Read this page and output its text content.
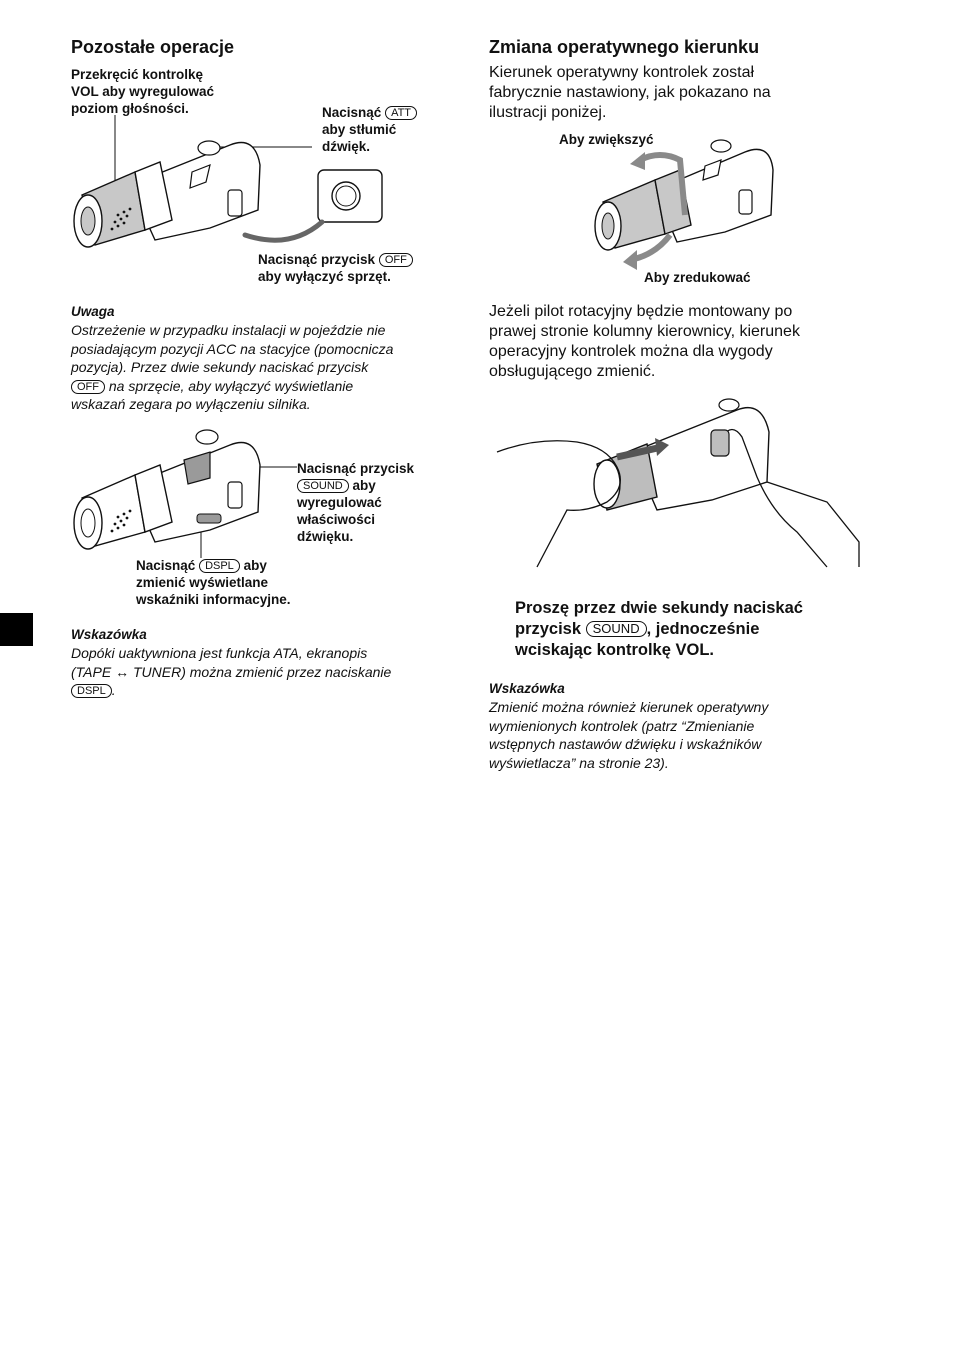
Pozostałe operacje
Przekręcić kontrolkę
VOL aby wyregulować
poziom głośności.	Nacisnąć ATT
aby stłumić
dźwięk.
Nacisnąć przycisk OFF
aby wyłączyć sprzęt.
Uwaga
Ostrzeżenie w przypadku instalacji w pojeździe nie
posiadającym pozycji ACC na stacyjce (pomocnicza
pozycja). Przez dwie sekundy naciskać przycisk
OFF na sprzęcie, aby wyłączyć wyświetlanie
wskazań zegara po wyłączeniu silnika.
Nacisnąć przycisk
SOUND aby
wyregulować
właściwości
dźwięku.
Nacisnąć DSPL aby
zmienić wyświetlane
wskaźniki informacyjne.
Wskazówka
Dopóki uaktywniona jest funkcja ATA, ekranopis
(TAPE ↔ TUNER) można zmienić przez naciskanie
DSPL .
Zmiana operatywnego kierunku
Kierunek operatywny kontrolek został
fabrycznie nastawiony, jak pokazano na
ilustracji poniżej.
Aby zwiększyć
Aby zredukować
Jeżeli pilot rotacyjny będzie montowany po
prawej stronie kolumny kierownicy, kierunek
operacyjny kontrolek można dla wygody
obsługującego zmienić.
Proszę przez dwie sekundy naciskać
przycisk SOUND , jednocześnie
wciskając kontrolkę VOL.
Wskazówka
Zmienić można również kierunek operatywny
wymienionych kontrolek (patrz “Zmienianie
wstępnych nastawów dźwięku i wskaźników
wyświetlacza” na stronie 23).
